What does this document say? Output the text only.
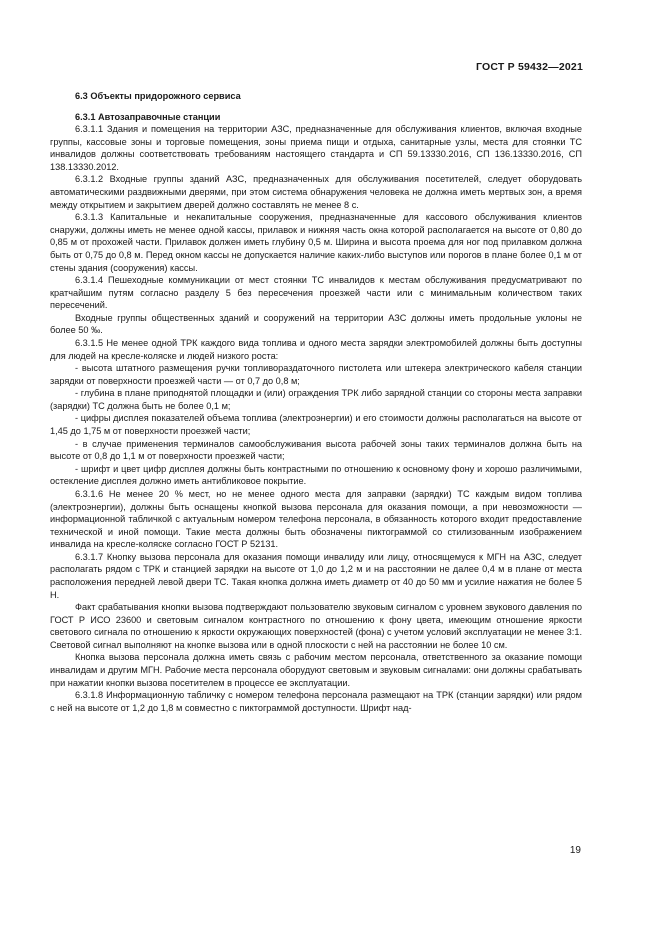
ГОСТ Р 59432—2021
6.3 Объекты придорожного сервиса
6.3.1 Автозаправочные станции

6.3.1.1 Здания и помещения на территории АЗС, предназначенные для обслуживания клиентов, включая входные группы, кассовые зоны и торговые помещения, зоны приема пищи и отдыха, санитарные узлы, места для стоянки ТС инвалидов должны соответствовать требованиям настоящего стандарта и СП 59.13330.2016, СП 136.13330.2016, СП 138.13330.2012.

6.3.1.2 Входные группы зданий АЗС, предназначенных для обслуживания посетителей, следует оборудовать автоматическими раздвижными дверями, при этом система обнаружения человека не должна иметь мертвых зон, а время между открытием и закрытием дверей должно составлять не менее 8 с.

6.3.1.3 Капитальные и некапитальные сооружения, предназначенные для кассового обслуживания клиентов снаружи, должны иметь не менее одной кассы, прилавок и нижняя часть окна которой располагается на высоте от 0,80 до 0,85 м от прохожей части. Прилавок должен иметь глубину 0,5 м. Ширина и высота проема для ног под прилавком должна быть от 0,75 до 0,8 м. Перед окном кассы не допускается наличие каких-либо выступов или порогов в плане более 0,1 м от стены здания (сооружения) кассы.

6.3.1.4 Пешеходные коммуникации от мест стоянки ТС инвалидов к местам обслуживания предусматривают по кратчайшим путям согласно разделу 5 без пересечения проезжей части или с минимальным количеством таких пересечений.

Входные группы общественных зданий и сооружений на территории АЗС должны иметь продольные уклоны не более 50 ‰.

6.3.1.5 Не менее одной ТРК каждого вида топлива и одного места зарядки электромобилей должны быть доступны для людей на кресле-коляске и людей низкого роста:

- высота штатного размещения ручки топливораздаточного пистолета или штекера электрического кабеля станции зарядки от поверхности проезжей части — от 0,7 до 0,8 м;

- глубина в плане приподнятой площадки и (или) ограждения ТРК либо зарядной станции со стороны места заправки (зарядки) ТС должна быть не более 0,1 м;

- цифры дисплея показателей объема топлива (электроэнергии) и его стоимости должны располагаться на высоте от 1,45 до 1,75 м от поверхности проезжей части;

- в случае применения терминалов самообслуживания высота рабочей зоны таких терминалов должна быть на высоте от 0,8 до 1,1 м от поверхности проезжей части;

- шрифт и цвет цифр дисплея должны быть контрастными по отношению к основному фону и хорошо различимыми, остекление дисплея должно иметь антибликовое покрытие.

6.3.1.6 Не менее 20 % мест, но не менее одного места для заправки (зарядки) ТС каждым видом топлива (электроэнергии), должны быть оснащены кнопкой вызова персонала для оказания помощи, а при невозможности — информационной табличкой с актуальным номером телефона персонала, в обязанность которого входит предоставление технической и иной помощи. Такие места должны быть обозначены пиктограммой со стилизованным изображением инвалида на кресле-коляске согласно ГОСТ Р 52131.

6.3.1.7 Кнопку вызова персонала для оказания помощи инвалиду или лицу, относящемуся к МГН на АЗС, следует располагать рядом с ТРК и станцией зарядки на высоте от 1,0 до 1,2 м и на расстоянии не далее 0,4 м в плане от места расположения передней левой двери ТС. Такая кнопка должна иметь диаметр от 40 до 50 мм и усилие нажатия не более 5 Н.

Факт срабатывания кнопки вызова подтверждают пользователю звуковым сигналом с уровнем звукового давления по ГОСТ Р ИСО 23600 и световым сигналом контрастного по отношению к фону цвета, имеющим отношение яркости светового сигнала по отношению к яркости окружающих поверхностей (фона) с учетом условий эксплуатации не менее 3:1. Световой сигнал выполняют на кнопке вызова или в одной плоскости с ней на расстоянии не более 10 см.

Кнопка вызова персонала должна иметь связь с рабочим местом персонала, ответственного за оказание помощи инвалидам и другим МГН. Рабочие места персонала оборудуют световым и звуковым сигналами: они должны срабатывать при нажатии кнопки вызова посетителем в процессе ее эксплуатации.

6.3.1.8 Информационную табличку с номером телефона персонала размещают на ТРК (станции зарядки) или рядом с ней на высоте от 1,2 до 1,8 м совместно с пиктограммой доступности. Шрифт над-

19
